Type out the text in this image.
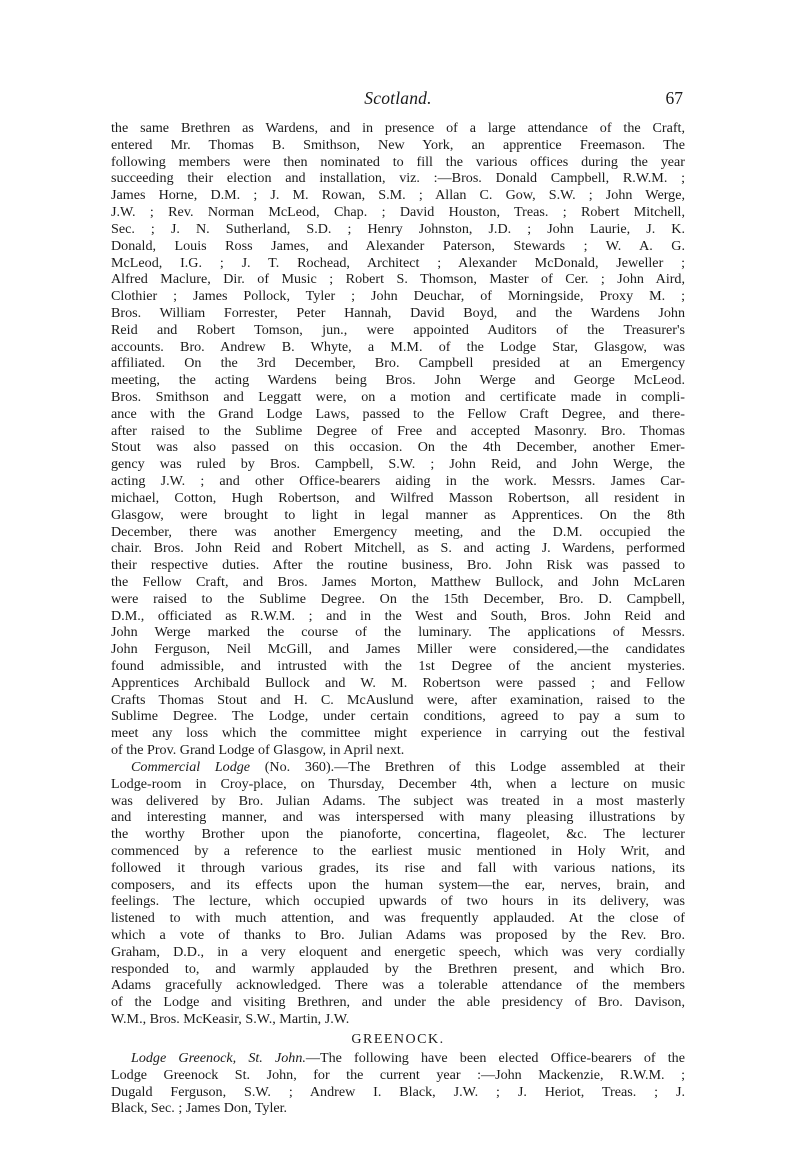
Scotland.	67
the same Brethren as Wardens, and in presence of a large attendance of the Craft,
entered Mr. Thomas B. Smithson, New York, an apprentice Freemason. The
following members were then nominated to fill the various offices during the year
succeeding their election and installation, viz. :—Bros. Donald Campbell, R.W.M. ;
James Horne, D.M. ; J. M. Rowan, S.M. ; Allan C. Gow, S.W. ; John Werge,
J.W. ; Rev. Norman McLeod, Chap. ; David Houston, Treas. ; Robert Mitchell,
Sec. ; J. N. Sutherland, S.D. ; Henry Johnston, J.D. ; John Laurie, J. K.
Donald, Louis Ross James, and Alexander Paterson, Stewards ; W. A. G.
McLeod, I.G. ; J. T. Rochead, Architect ; Alexander McDonald, Jeweller ;
Alfred Maclure, Dir. of Music ; Robert S. Thomson, Master of Cer. ; John Aird,
Clothier ; James Pollock, Tyler ; John Deuchar, of Morningside, Proxy M. ;
Bros. William Forrester, Peter Hannah, David Boyd, and the Wardens John
Reid and Robert Tomson, jun., were appointed Auditors of the Treasurer's
accounts. Bro. Andrew B. Whyte, a M.M. of the Lodge Star, Glasgow, was
affiliated. On the 3rd December, Bro. Campbell presided at an Emergency
meeting, the acting Wardens being Bros. John Werge and George McLeod.
Bros. Smithson and Leggatt were, on a motion and certificate made in compli-
ance with the Grand Lodge Laws, passed to the Fellow Craft Degree, and there-
after raised to the Sublime Degree of Free and accepted Masonry. Bro. Thomas
Stout was also passed on this occasion. On the 4th December, another Emer-
gency was ruled by Bros. Campbell, S.W. ; John Reid, and John Werge, the
acting J.W. ; and other Office-bearers aiding in the work. Messrs. James Car-
michael, Cotton, Hugh Robertson, and Wilfred Masson Robertson, all resident in
Glasgow, were brought to light in legal manner as Apprentices. On the 8th
December, there was another Emergency meeting, and the D.M. occupied the
chair. Bros. John Reid and Robert Mitchell, as S. and acting J. Wardens, performed
their respective duties. After the routine business, Bro. John Risk was passed to
the Fellow Craft, and Bros. James Morton, Matthew Bullock, and John McLaren
were raised to the Sublime Degree. On the 15th December, Bro. D. Campbell,
D.M., officiated as R.W.M. ; and in the West and South, Bros. John Reid and
John Werge marked the course of the luminary. The applications of Messrs.
John Ferguson, Neil McGill, and James Miller were considered,—the candidates
found admissible, and intrusted with the 1st Degree of the ancient mysteries.
Apprentices Archibald Bullock and W. M. Robertson were passed ; and Fellow
Crafts Thomas Stout and H. C. McAuslund were, after examination, raised to the
Sublime Degree. The Lodge, under certain conditions, agreed to pay a sum to
meet any loss which the committee might experience in carrying out the festival
of the Prov. Grand Lodge of Glasgow, in April next.
Commercial Lodge (No. 360).—The Brethren of this Lodge assembled at their
Lodge-room in Croy-place, on Thursday, December 4th, when a lecture on music
was delivered by Bro. Julian Adams. The subject was treated in a most masterly
and interesting manner, and was interspersed with many pleasing illustrations by
the worthy Brother upon the pianoforte, concertina, flageolet, &c. The lecturer
commenced by a reference to the earliest music mentioned in Holy Writ, and
followed it through various grades, its rise and fall with various nations, its
composers, and its effects upon the human system—the ear, nerves, brain, and
feelings. The lecture, which occupied upwards of two hours in its delivery, was
listened to with much attention, and was frequently applauded. At the close of
which a vote of thanks to Bro. Julian Adams was proposed by the Rev. Bro.
Graham, D.D., in a very eloquent and energetic speech, which was very cordially
responded to, and warmly applauded by the Brethren present, and which Bro.
Adams gracefully acknowledged. There was a tolerable attendance of the members
of the Lodge and visiting Brethren, and under the able presidency of Bro. Davison,
W.M., Bros. McKeasir, S.W., Martin, J.W.
GREENOCK.
Lodge Greenock, St. John.—The following have been elected Office-bearers of the
Lodge Greenock St. John, for the current year :—John Mackenzie, R.W.M. ;
Dugald Ferguson, S.W. ; Andrew I. Black, J.W. ; J. Heriot, Treas. ; J.
Black, Sec. ; James Don, Tyler.
